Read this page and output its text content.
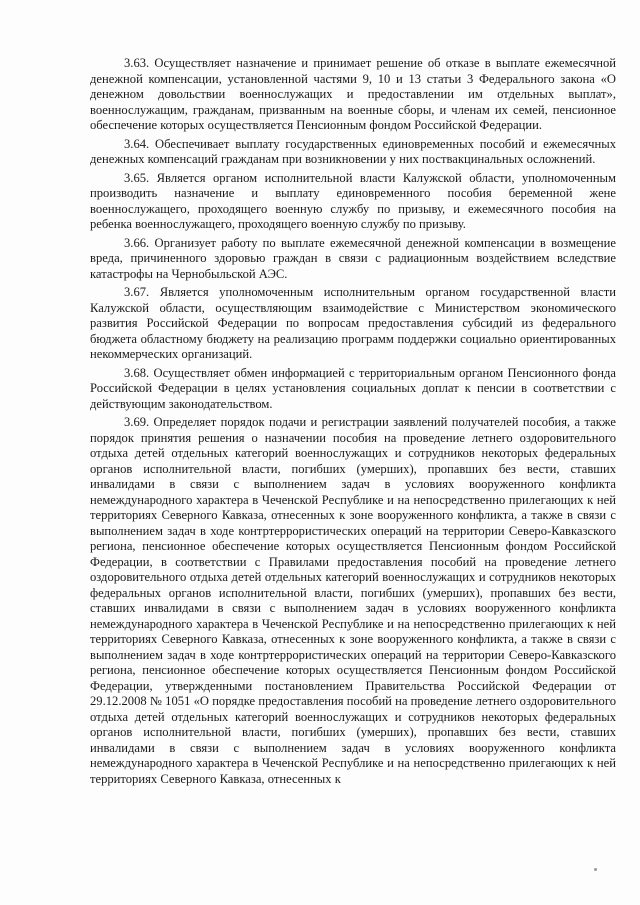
3.63. Осуществляет назначение и принимает решение об отказе в выплате ежемесячной денежной компенсации, установленной частями 9, 10 и 13 статьи 3 Федерального закона «О денежном довольствии военнослужащих и предоставлении им отдельных выплат», военнослужащим, гражданам, призванным на военные сборы, и членам их семей, пенсионное обеспечение которых осуществляется Пенсионным фондом Российской Федерации.

3.64. Обеспечивает выплату государственных единовременных пособий и ежемесячных денежных компенсаций гражданам при возникновении у них поствакцинальных осложнений.

3.65. Является органом исполнительной власти Калужской области, уполномоченным производить назначение и выплату единовременного пособия беременной жене военнослужащего, проходящего военную службу по призыву, и ежемесячного пособия на ребенка военнослужащего, проходящего военную службу по призыву.

3.66. Организует работу по выплате ежемесячной денежной компенсации в возмещение вреда, причиненного здоровью граждан в связи с радиационным воздействием вследствие катастрофы на Чернобыльской АЭС.

3.67. Является уполномоченным исполнительным органом государственной власти Калужской области, осуществляющим взаимодействие с Министерством экономического развития Российской Федерации по вопросам предоставления субсидий из федерального бюджета областному бюджету на реализацию программ поддержки социально ориентированных некоммерческих организаций.

3.68. Осуществляет обмен информацией с территориальным органом Пенсионного фонда Российской Федерации в целях установления социальных доплат к пенсии в соответствии с действующим законодательством.

3.69. Определяет порядок подачи и регистрации заявлений получателей пособия, а также порядок принятия решения о назначении пособия на проведение летнего оздоровительного отдыха детей отдельных категорий военнослужащих и сотрудников некоторых федеральных органов исполнительной власти, погибших (умерших), пропавших без вести, ставших инвалидами в связи с выполнением задач в условиях вооруженного конфликта немеждународного характера в Чеченской Республике и на непосредственно прилегающих к ней территориях Северного Кавказа, отнесенных к зоне вооруженного конфликта, а также в связи с выполнением задач в ходе контртеррористических операций на территории Северо-Кавказского региона, пенсионное обеспечение которых осуществляется Пенсионным фондом Российской Федерации, в соответствии с Правилами предоставления пособий на проведение летнего оздоровительного отдыха детей отдельных категорий военнослужащих и сотрудников некоторых федеральных органов исполнительной власти, погибших (умерших), пропавших без вести, ставших инвалидами в связи с выполнением задач в условиях вооруженного конфликта немеждународного характера в Чеченской Республике и на непосредственно прилегающих к ней территориях Северного Кавказа, отнесенных к зоне вооруженного конфликта, а также в связи с выполнением задач в ходе контртеррористических операций на территории Северо-Кавказского региона, пенсионное обеспечение которых осуществляется Пенсионным фондом Российской Федерации, утвержденными постановлением Правительства Российской Федерации от 29.12.2008 № 1051 «О порядке предоставления пособий на проведение летнего оздоровительного отдыха детей отдельных категорий военнослужащих и сотрудников некоторых федеральных органов исполнительной власти, погибших (умерших), пропавших без вести, ставших инвалидами в связи с выполнением задач в условиях вооруженного конфликта немеждународного характера в Чеченской Республике и на непосредственно прилегающих к ней территориях Северного Кавказа, отнесенных к
